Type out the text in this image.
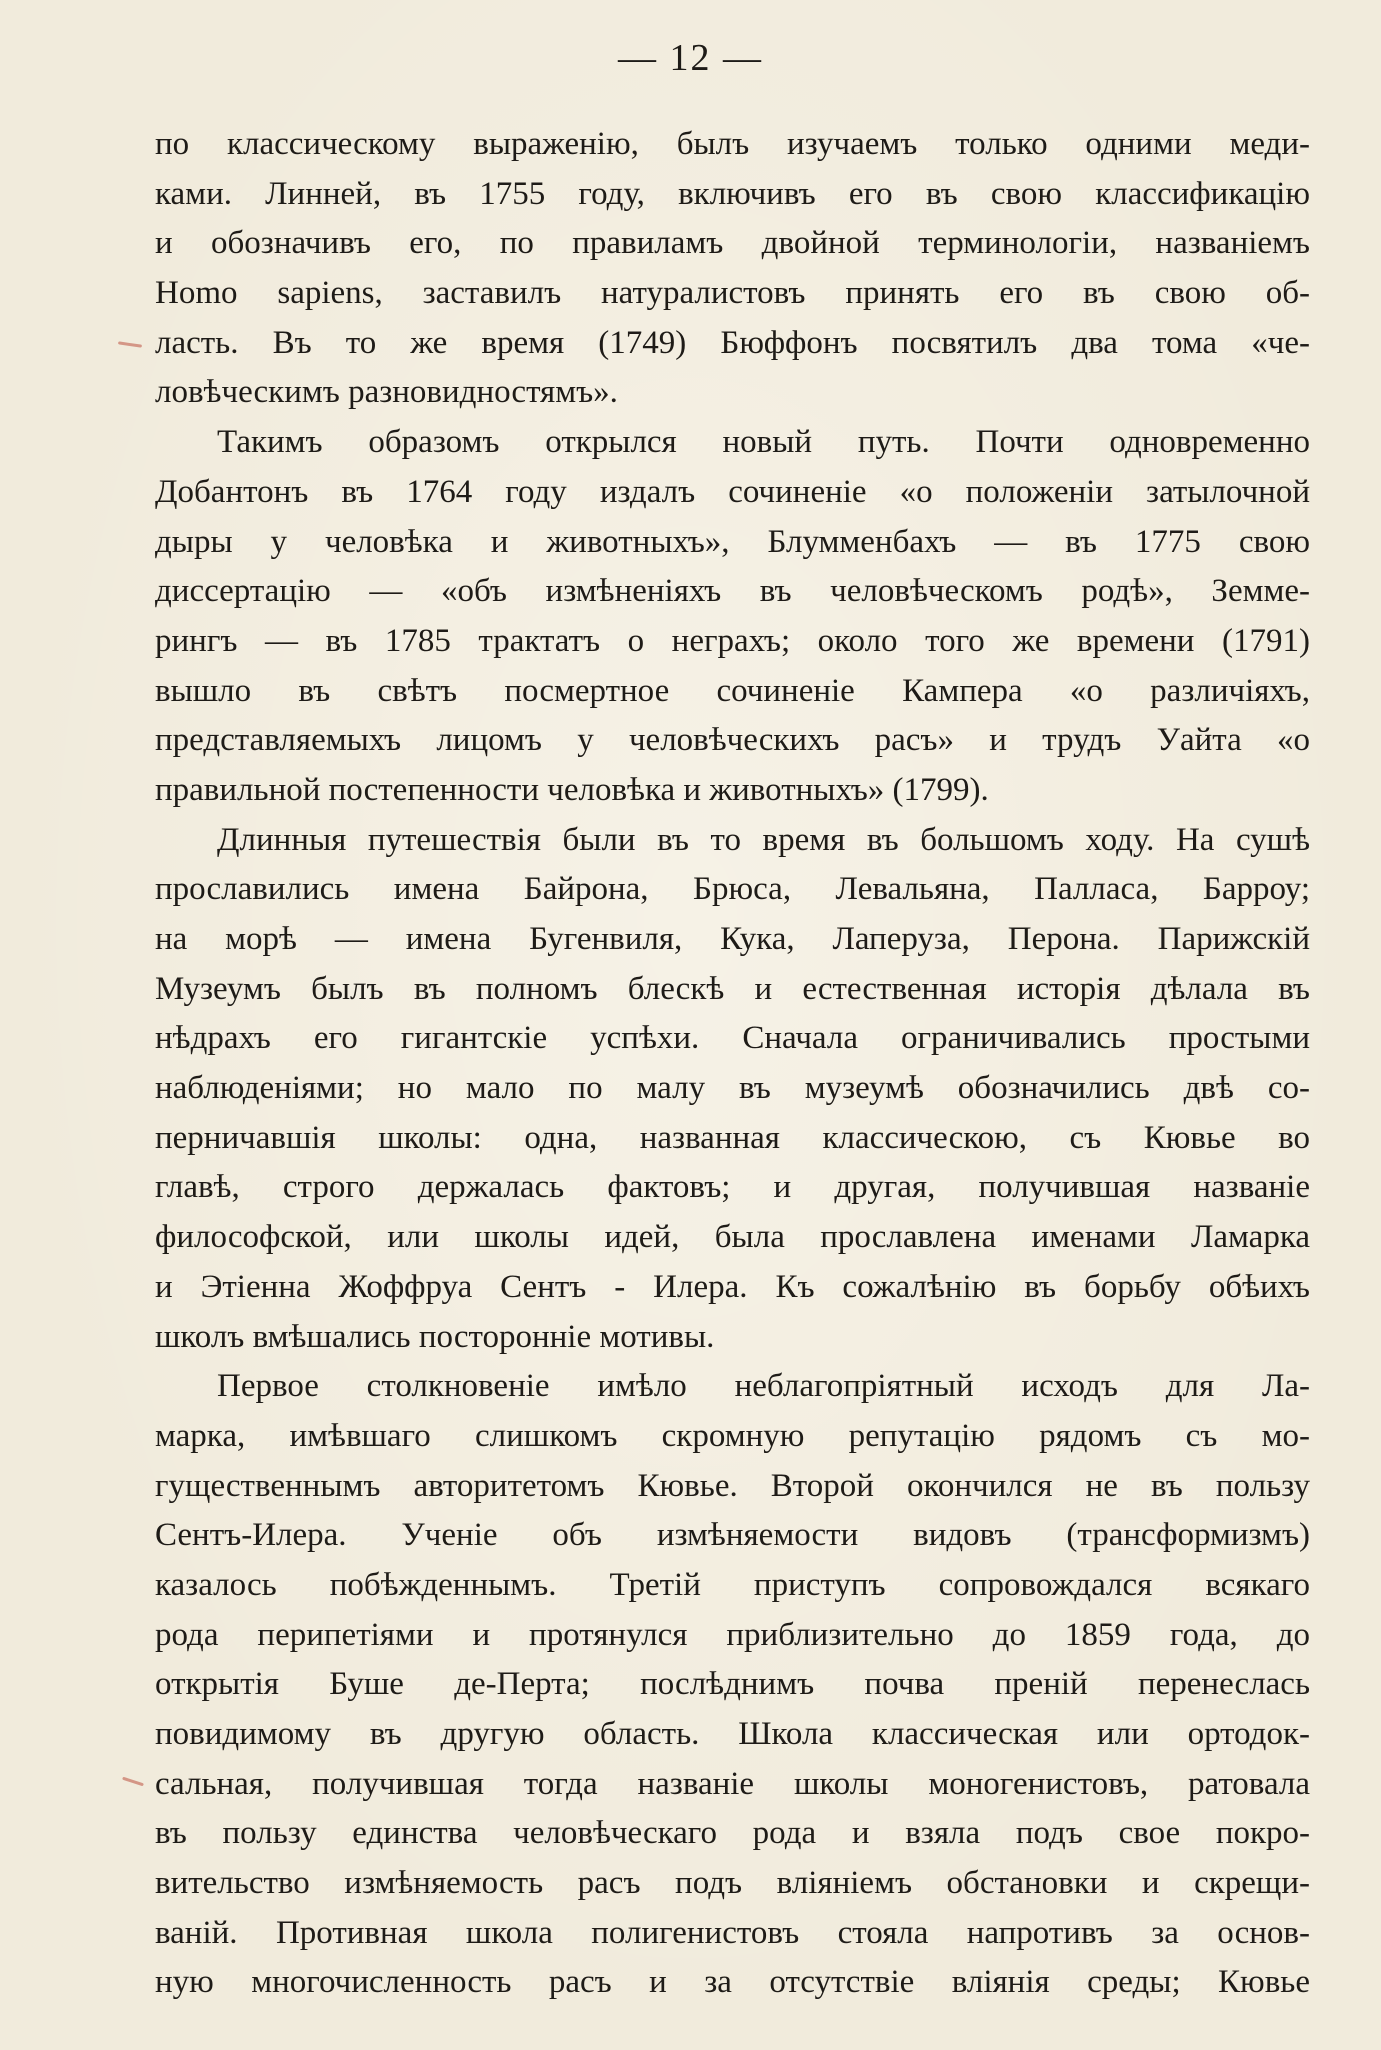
— 12 —
по классическому выраженію, былъ изучаемъ только одними меди-
ками. Линней, въ 1755 году, включивъ его въ свою классификацію
и обозначивъ его, по правиламъ двойной терминологіи, названіемъ
Homo sapiens, заставилъ натуралистовъ принять его въ свою об-
ласть. Въ то же время (1749) Бюффонъ посвятилъ два тома «че-
ловѣческимъ разновидностямъ».
Такимъ образомъ открылся новый путь. Почти одновременно
Добантонъ въ 1764 году издалъ сочиненіе «о положеніи затылочной
дыры у человѣка и животныхъ», Блумменбахъ — въ 1775 свою
диссертацію — «объ измѣненіяхъ въ человѣческомъ родѣ», Земме-
рингъ — въ 1785 трактатъ о неграхъ; около того же времени (1791)
вышло въ свѣтъ посмертное сочиненіе Кампера «о различіяхъ,
представляемыхъ лицомъ у человѣческихъ расъ» и трудъ Уайта «о
правильной постепенности человѣка и животныхъ» (1799).
Длинныя путешествія были въ то время въ большомъ ходу. На сушѣ
прославились имена Байрона, Брюса, Левальяна, Палласа, Барроу;
на морѣ — имена Бугенвиля, Кука, Лаперуза, Перона. Парижскій
Музеумъ былъ въ полномъ блескѣ и естественная исторія дѣлала въ
нѣдрахъ его гигантскіе успѣхи. Сначала ограничивались простыми
наблюденіями; но мало по малу въ музеумѣ обозначились двѣ со-
перничавшія школы: одна, названная классическою, съ Кювье во
главѣ, строго держалась фактовъ; и другая, получившая названіе
философской, или школы идей, была прославлена именами Ламарка
и Этіенна Жоффруа Сентъ - Илера. Къ сожалѣнію въ борьбу обѣихъ
школъ вмѣшались посторонніе мотивы.
Первое столкновеніе имѣло неблагопріятный исходъ для Ла-
марка, имѣвшаго слишкомъ скромную репутацію рядомъ съ мо-
гущественнымъ авторитетомъ Кювье. Второй окончился не въ пользу
Сентъ-Илера. Ученіе объ измѣняемости видовъ (трансформизмъ)
казалось побѣжденнымъ. Третій приступъ сопровождался всякаго
рода перипетіями и протянулся приблизительно до 1859 года, до
открытія Буше де-Перта; послѣднимъ почва преній перенеслась
повидимому въ другую область. Школа классическая или ортодок-
сальная, получившая тогда названіе школы моногенистовъ, ратовала
въ пользу единства человѣческаго рода и взяла подъ свое покро-
вительство измѣняемость расъ подъ вліяніемъ обстановки и скрещи-
ваній. Противная школа полигенистовъ стояла напротивъ за основ-
ную многочисленность расъ и за отсутствіе вліянія среды; Кювье
